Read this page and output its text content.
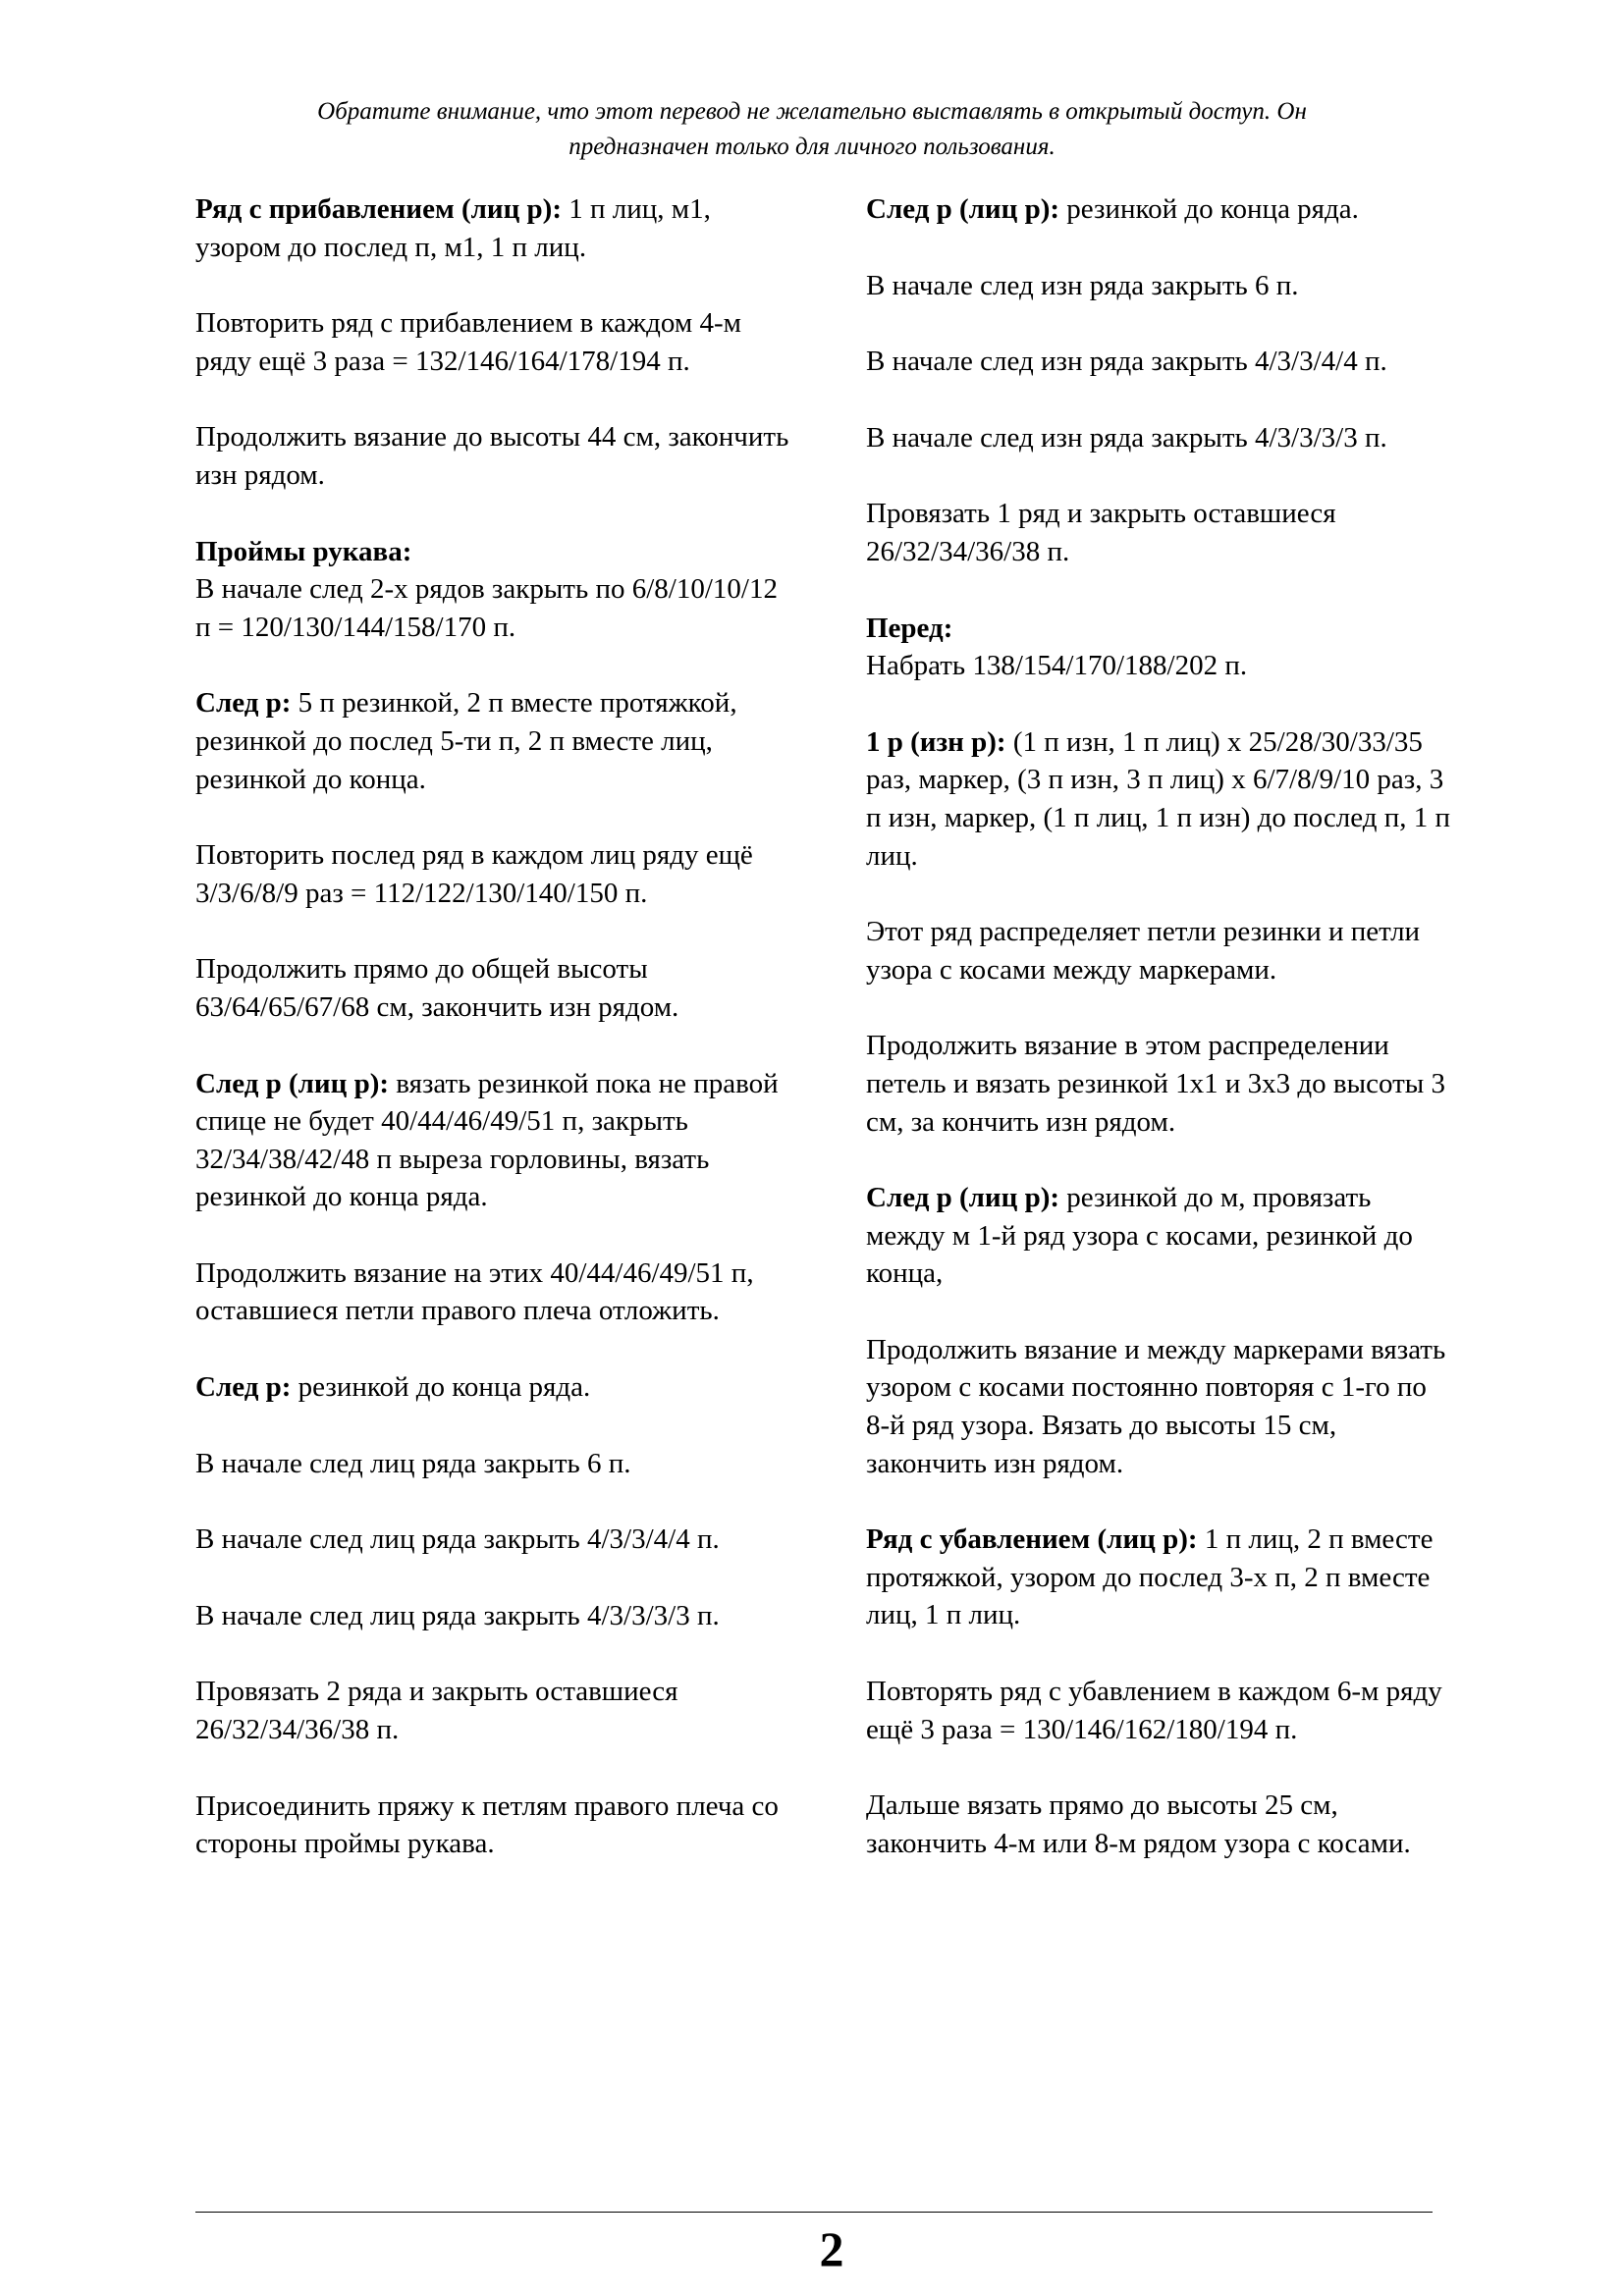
Обратите внимание, что этот перевод не желательно выставлять в открытый доступ. Он
предназначен только для личного пользования.

Ряд с прибавлением (лиц р): 1 п лиц, м1, узором до послед п, м1, 1 п лиц.

Повторить ряд с прибавлением в каждом 4-м ряду ещё 3 раза = 132/146/164/178/194 п.

Продолжить вязание до высоты 44 см, закончить изн рядом.

Проймы рукава:
В начале след 2-х рядов закрыть по 6/8/10/10/12 п = 120/130/144/158/170 п.

След р: 5 п резинкой, 2 п вместе протяжкой, резинкой до послед 5-ти п, 2 п вместе лиц, резинкой до конца.

Повторить послед ряд в каждом лиц ряду ещё 3/3/6/8/9 раз = 112/122/130/140/150 п.

Продолжить прямо до общей высоты 63/64/65/67/68 см, закончить изн рядом.

След р (лиц р): вязать резинкой пока не правой спице не будет 40/44/46/49/51 п, закрыть 32/34/38/42/48 п выреза горловины, вязать резинкой до конца ряда.

Продолжить вязание на этих 40/44/46/49/51 п, оставшиеся петли правого плеча отложить.

След р: резинкой до конца ряда.

В начале след лиц ряда закрыть 6 п.

В начале след лиц ряда закрыть 4/3/3/4/4 п.

В начале след лиц ряда закрыть 4/3/3/3/3 п.

Провязать 2 ряда и закрыть оставшиеся 26/32/34/36/38 п.

Присоединить пряжу к петлям правого плеча со стороны проймы рукава.

След р (лиц р): резинкой до конца ряда.

В начале след изн ряда закрыть 6 п.

В начале след изн ряда закрыть 4/3/3/4/4 п.

В начале след изн ряда закрыть 4/3/3/3/3 п.

Провязать 1 ряд и закрыть оставшиеся 26/32/34/36/38 п.

Перед:
Набрать 138/154/170/188/202 п.

1 р (изн р): (1 п изн, 1 п лиц) х 25/28/30/33/35 раз, маркер, (3 п изн, 3 п лиц) х 6/7/8/9/10 раз, 3 п изн, маркер, (1 п лиц, 1 п изн) до послед п, 1 п лиц.

Этот ряд распределяет петли резинки и петли узора с косами между маркерами.

Продолжить вязание в этом распределении петель и вязать резинкой 1х1 и 3х3 до высоты 3 см, за кончить изн рядом.

След р (лиц р): резинкой до м, провязать между м 1-й ряд узора с косами, резинкой до конца,

Продолжить вязание и между маркерами вязать узором с косами постоянно повторяя с 1-го по 8-й ряд узора. Вязать до высоты 15 см, закончить изн рядом.

Ряд с убавлением (лиц р): 1 п лиц, 2 п вместе протяжкой, узором до послед 3-х п, 2 п вместе лиц, 1 п лиц.

Повторять ряд с убавлением в каждом 6-м ряду ещё 3 раза = 130/146/162/180/194 п.

Дальше вязать прямо до высоты 25 см, закончить 4-м или 8-м рядом узора с косами.

2
